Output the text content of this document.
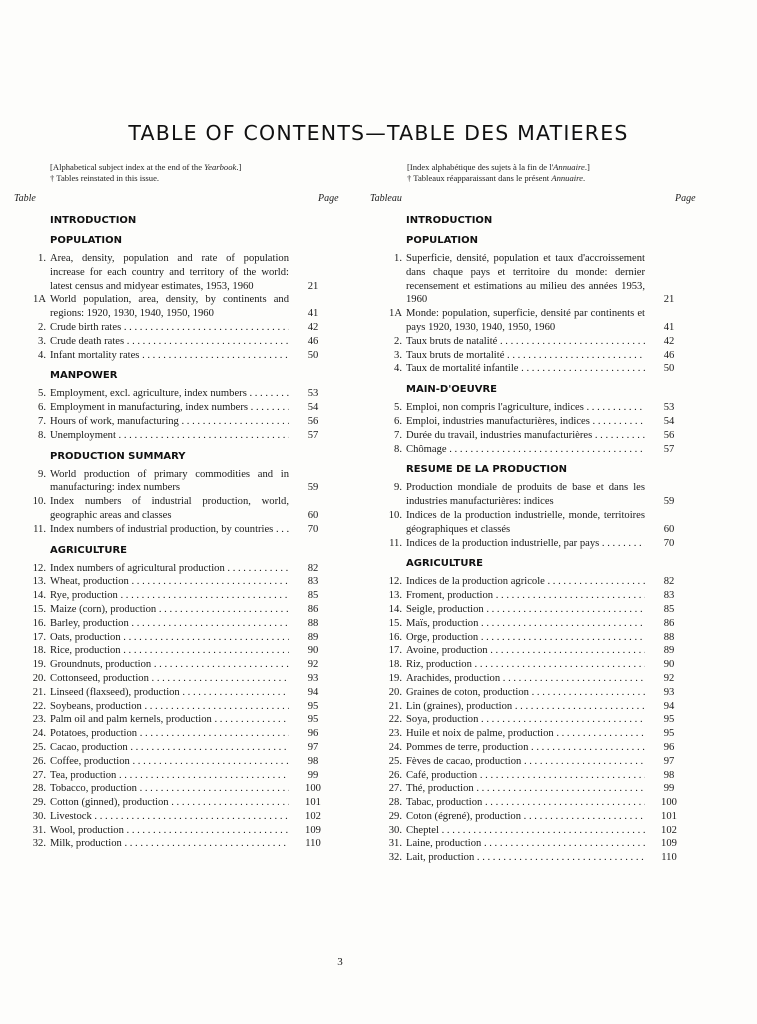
TABLE OF CONTENTS—TABLE DES MATIERES
[Alphabetical subject index at the end of the Yearbook.]
† Tables reinstated in this issue.
[Index alphabétique des sujets à la fin de l'Annuaire.]
† Tableaux réapparaissant dans le présent Annuaire.
Table	Page	Tableau	Page
INTRODUCTION
POPULATION
1. Area, density, population and rate of population increase for each country and territory of the world: latest census and midyear estimates, 1953, 1960	21
1A World population, area, density, by continents and regions: 1920, 1930, 1940, 1950, 1960	41
2. Crude birth rates . . .	42
3. Crude death rates . . .	46
4. Infant mortality rates . . .	50
MANPOWER
5. Employment, excl. agriculture, index numbers . . .	53
6. Employment in manufacturing, index numbers . . .	54
7. Hours of work, manufacturing . . .	56
8. Unemployment . . .	57
PRODUCTION SUMMARY
9. World production of primary commodities and in manufacturing: index numbers	59
10. Index numbers of industrial production, world, geographic areas and classes	60
11. Index numbers of industrial production, by countries . . .	70
AGRICULTURE
12. Index numbers of agricultural production . . .	82
13. Wheat, production . . .	83
14. Rye, production . . .	85
15. Maize (corn), production . . .	86
16. Barley, production . . .	88
17. Oats, production . . .	89
18. Rice, production . . .	90
19. Groundnuts, production . . .	92
20. Cottonseed, production . . .	93
21. Linseed (flaxseed), production . . .	94
22. Soybeans, production . . .	95
23. Palm oil and palm kernels, production . . .	95
24. Potatoes, production . . .	96
25. Cacao, production . . .	97
26. Coffee, production . . .	98
27. Tea, production . . .	99
28. Tobacco, production . . .	100
29. Cotton (ginned), production . . .	101
30. Livestock . . .	102
31. Wool, production . . .	109
32. Milk, production . . .	110
INTRODUCTION
POPULATION
1. Superficie, densité, population et taux d'accroissement dans chaque pays et territoire du monde: dernier recensement et estimations au milieu des années 1953, 1960	21
1A Monde: population, superficie, densité par continents et pays 1920, 1930, 1940, 1950, 1960	41
2. Taux bruts de natalité . . .	42
3. Taux bruts de mortalité . . .	46
4. Taux de mortalité infantile . . .	50
MAIN-D'OEUVRE
5. Emploi, non compris l'agriculture, indices . . .	53
6. Emploi, industries manufacturières, indices . . .	54
7. Durée du travail, industries manufacturières . . .	56
8. Chômage . . .	57
RESUME DE LA PRODUCTION
9. Production mondiale de produits de base et dans les industries manufacturières: indices	59
10. Indices de la production industrielle, monde, territoires géographiques et classés	60
11. Indices de la production industrielle, par pays . . .	70
AGRICULTURE
12. Indices de la production agricole . . .	82
13. Froment, production . . .	83
14. Seigle, production . . .	85
15. Maïs, production . . .	86
16. Orge, production . . .	88
17. Avoine, production . . .	89
18. Riz, production . . .	90
19. Arachides, production . . .	92
20. Graines de coton, production . . .	93
21. Lin (graines), production . . .	94
22. Soya, production . . .	95
23. Huile et noix de palme, production . . .	95
24. Pommes de terre, production . . .	96
25. Fèves de cacao, production . . .	97
26. Café, production . . .	98
27. Thé, production . . .	99
28. Tabac, production . . .	100
29. Coton (égrené), production . . .	101
30. Cheptel . . .	102
31. Laine, production . . .	109
32. Lait, production . . .	110
3
